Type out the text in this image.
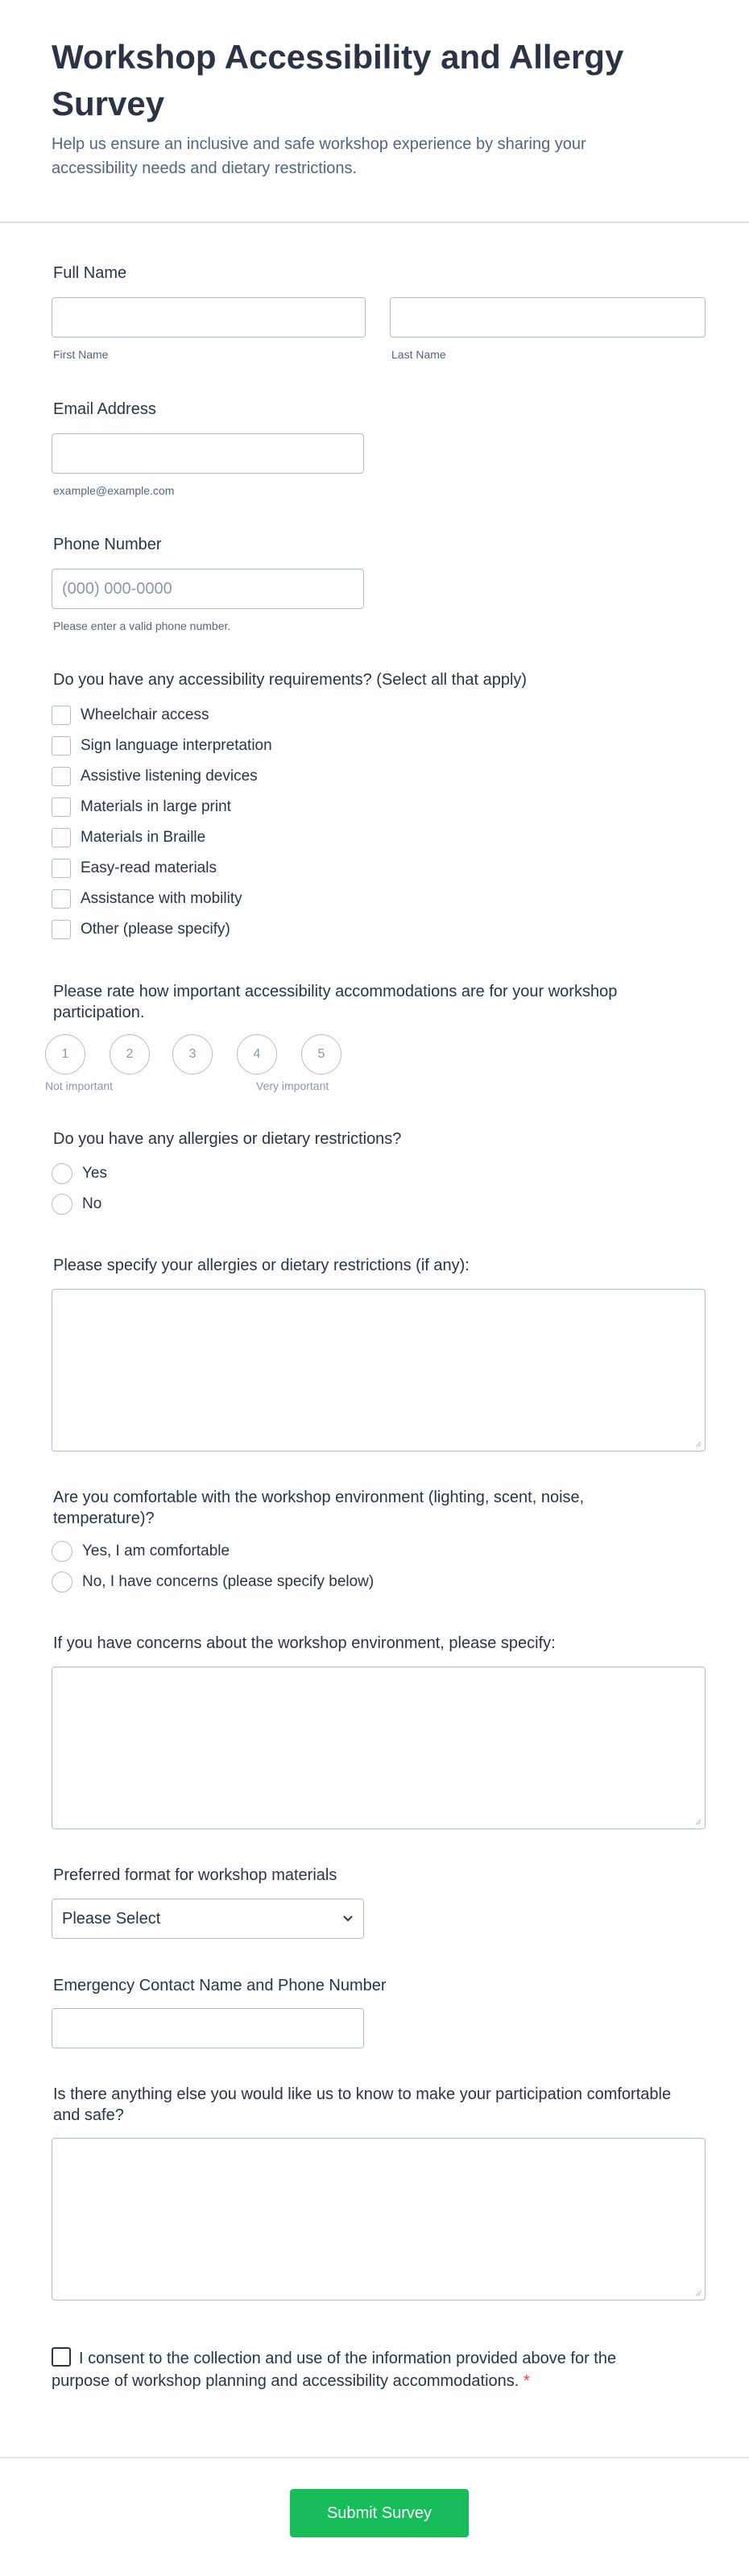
Workshop Accessibility and Allergy Survey

Help us ensure an inclusive and safe workshop experience by sharing your accessibility needs and dietary restrictions.

Full Name
First Name	Last Name
Email Address
example@example.com
Phone Number
(000) 000-0000
Please enter a valid phone number.
Do you have any accessibility requirements? (Select all that apply)
Wheelchair access
Sign language interpretation
Assistive listening devices
Materials in large print
Materials in Braille
Easy-read materials
Assistance with mobility
Other (please specify)
Please rate how important accessibility accommodations are for your workshop participation.
1	2	3	4	5
Not important	Very important
Do you have any allergies or dietary restrictions?
Yes
No
Please specify your allergies or dietary restrictions (if any):
Are you comfortable with the workshop environment (lighting, scent, noise, temperature)?
Yes, I am comfortable
No, I have concerns (please specify below)
If you have concerns about the workshop environment, please specify:
Preferred format for workshop materials
Please Select
Emergency Contact Name and Phone Number
Is there anything else you would like us to know to make your participation comfortable and safe?
I consent to the collection and use of the information provided above for the purpose of workshop planning and accessibility accommodations. *
Submit Survey
